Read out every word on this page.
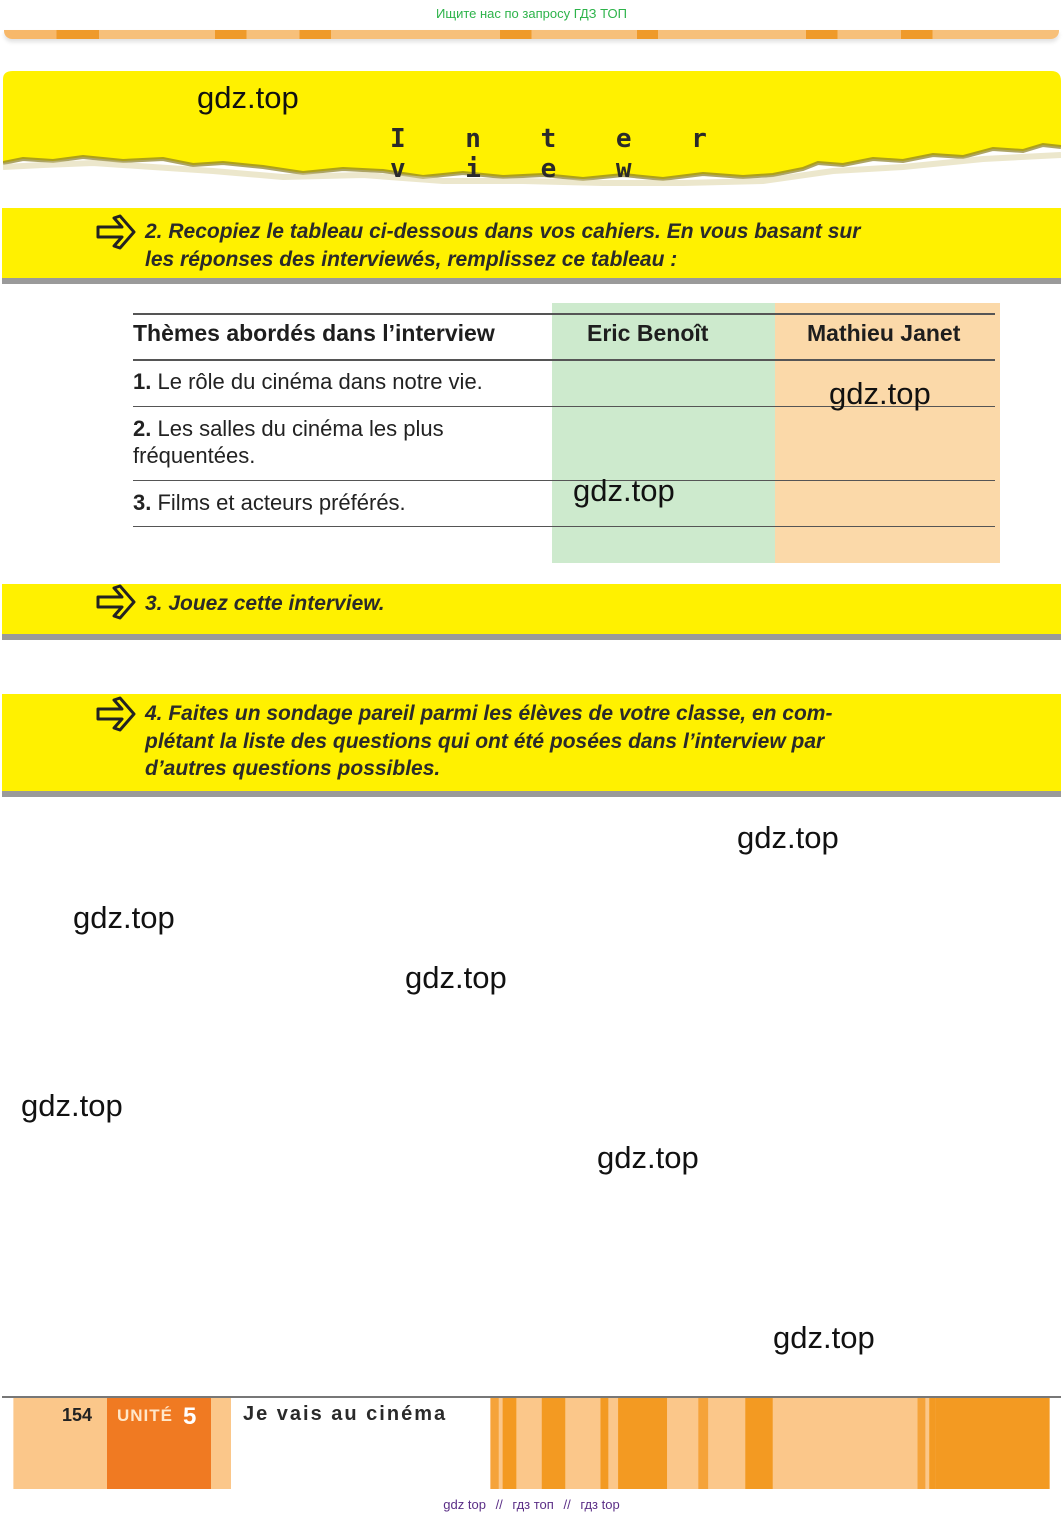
Ищите нас по запросу ГДЗ ТОП
I n t e r v i e w
2. Recopiez le tableau ci-dessous dans vos cahiers. En vous basant sur
les réponses des interviewés, remplissez ce tableau :
Thèmes abordés dans l’interview	Eric Benoît	Mathieu Janet
1. Le rôle du cinéma dans notre vie.
2. Les salles du cinéma les plus
fréquentées.
3. Films et acteurs préférés.
3. Jouez cette interview.
4. Faites un sondage pareil parmi les élèves de votre classe, en com-
plétant la liste des questions qui ont été posées dans l’interview par
d’autres questions possibles.
gdz.top
gdz.top
gdz.top
gdz.top
gdz.top
gdz.top
gdz.top
gdz.top
gdz.top
154 UNITÉ 5 Je vais au cinéma
gdz top // гдз топ // гдз top
